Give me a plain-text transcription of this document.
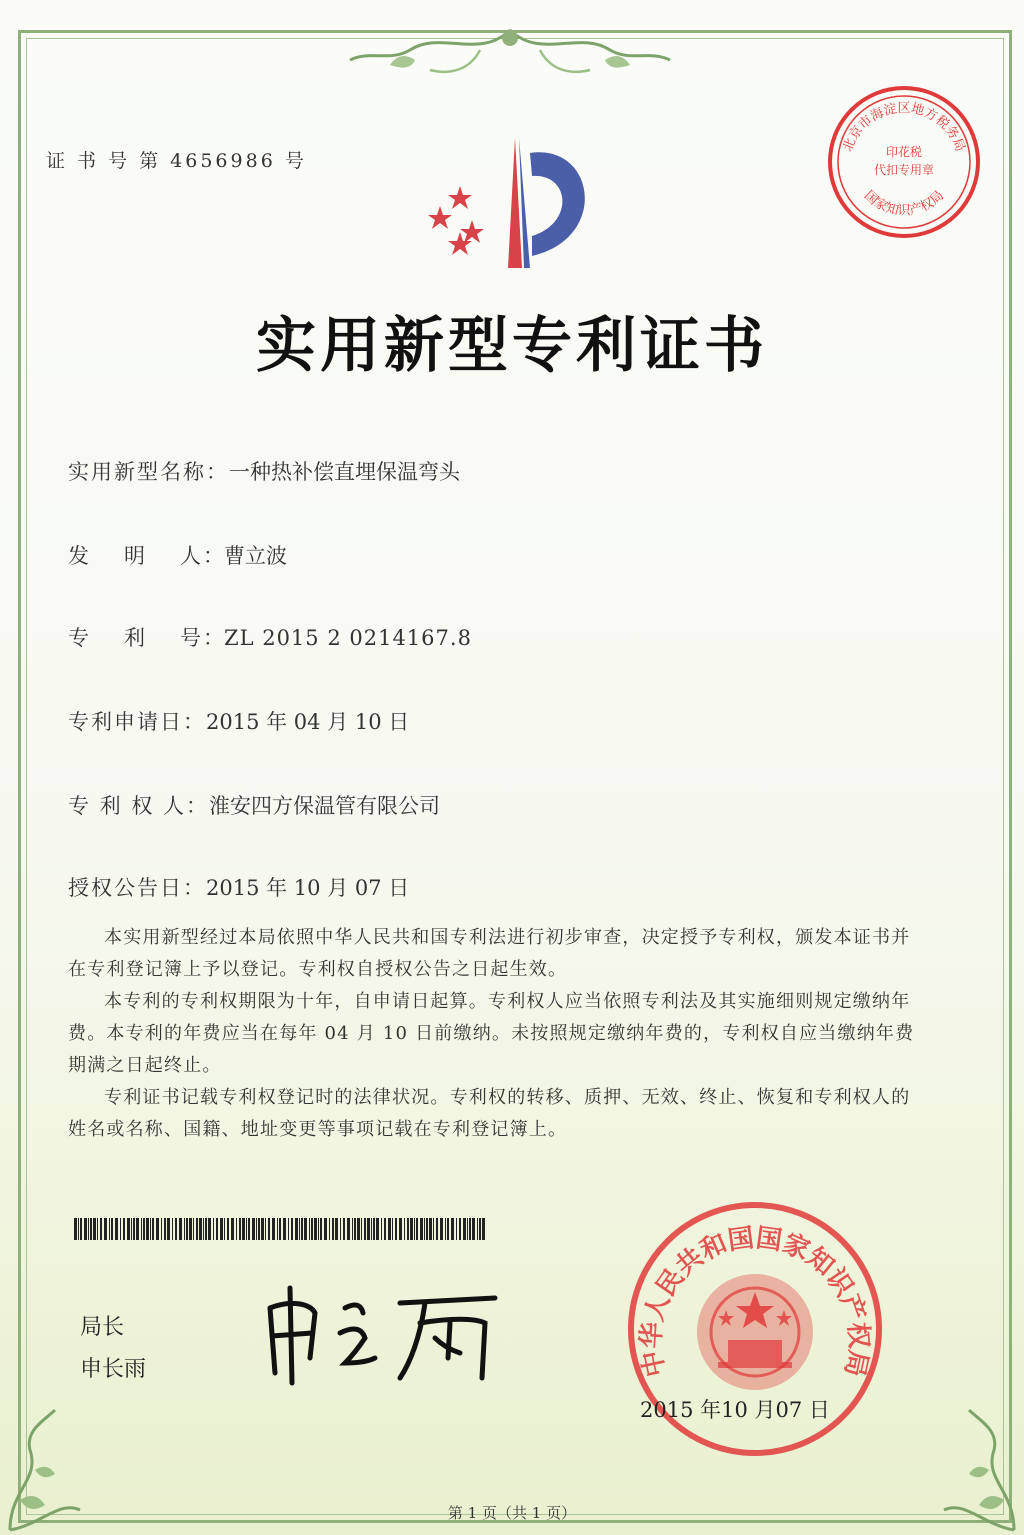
证 书 号 第 4656986 号
实用新型专利证书
实用新型名称：一种热补偿直埋保温弯头
发 明 人 ：曹立波
专 利 号 ：ZL 2015 2 0214167.8
专利申请日：2015 年 04 月 10 日
专 利 权 人：淮安四方保温管有限公司
授权公告日：2015 年 10 月 07 日

本实用新型经过本局依照中华人民共和国专利法进行初步审查，决定授予专利权，颁发本证书并在专利登记簿上予以登记。专利权自授权公告之日起生效。

本专利的专利权期限为十年，自申请日起算。专利权人应当依照专利法及其实施细则规定缴纳年费。本专利的年费应当在每年 04 月 10 日前缴纳。未按照规定缴纳年费的，专利权自应当缴纳年费期满之日起终止。

专利证书记载专利权登记时的法律状况。专利权的转移、质押、无效、终止、恢复和专利权人的姓名或名称、国籍、地址变更等事项记载在专利登记簿上。

局长
申长雨
北京市海淀区地方税务局
印花税
代扣专用章
国家知识产权局
中华人民共和国国家知识产权局
2015 年10 月07 日
第 1 页（共 1 页）
